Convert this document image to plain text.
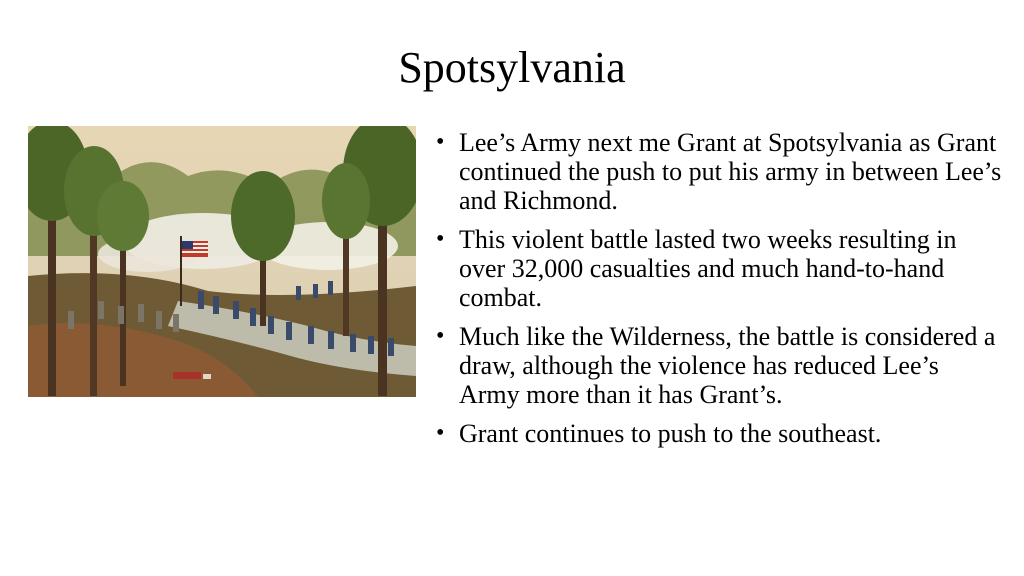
Spotsylvania
• Lee’s Army next me Grant at Spotsylvania as Grant continued the push to put his army in between Lee’s and Richmond.
• This violent battle lasted two weeks resulting in over 32,000 casualties and much hand-to-hand combat.
• Much like the Wilderness, the battle is considered a draw, although the violence has reduced Lee’s Army more than it has Grant’s.
• Grant continues to push to the southeast.
